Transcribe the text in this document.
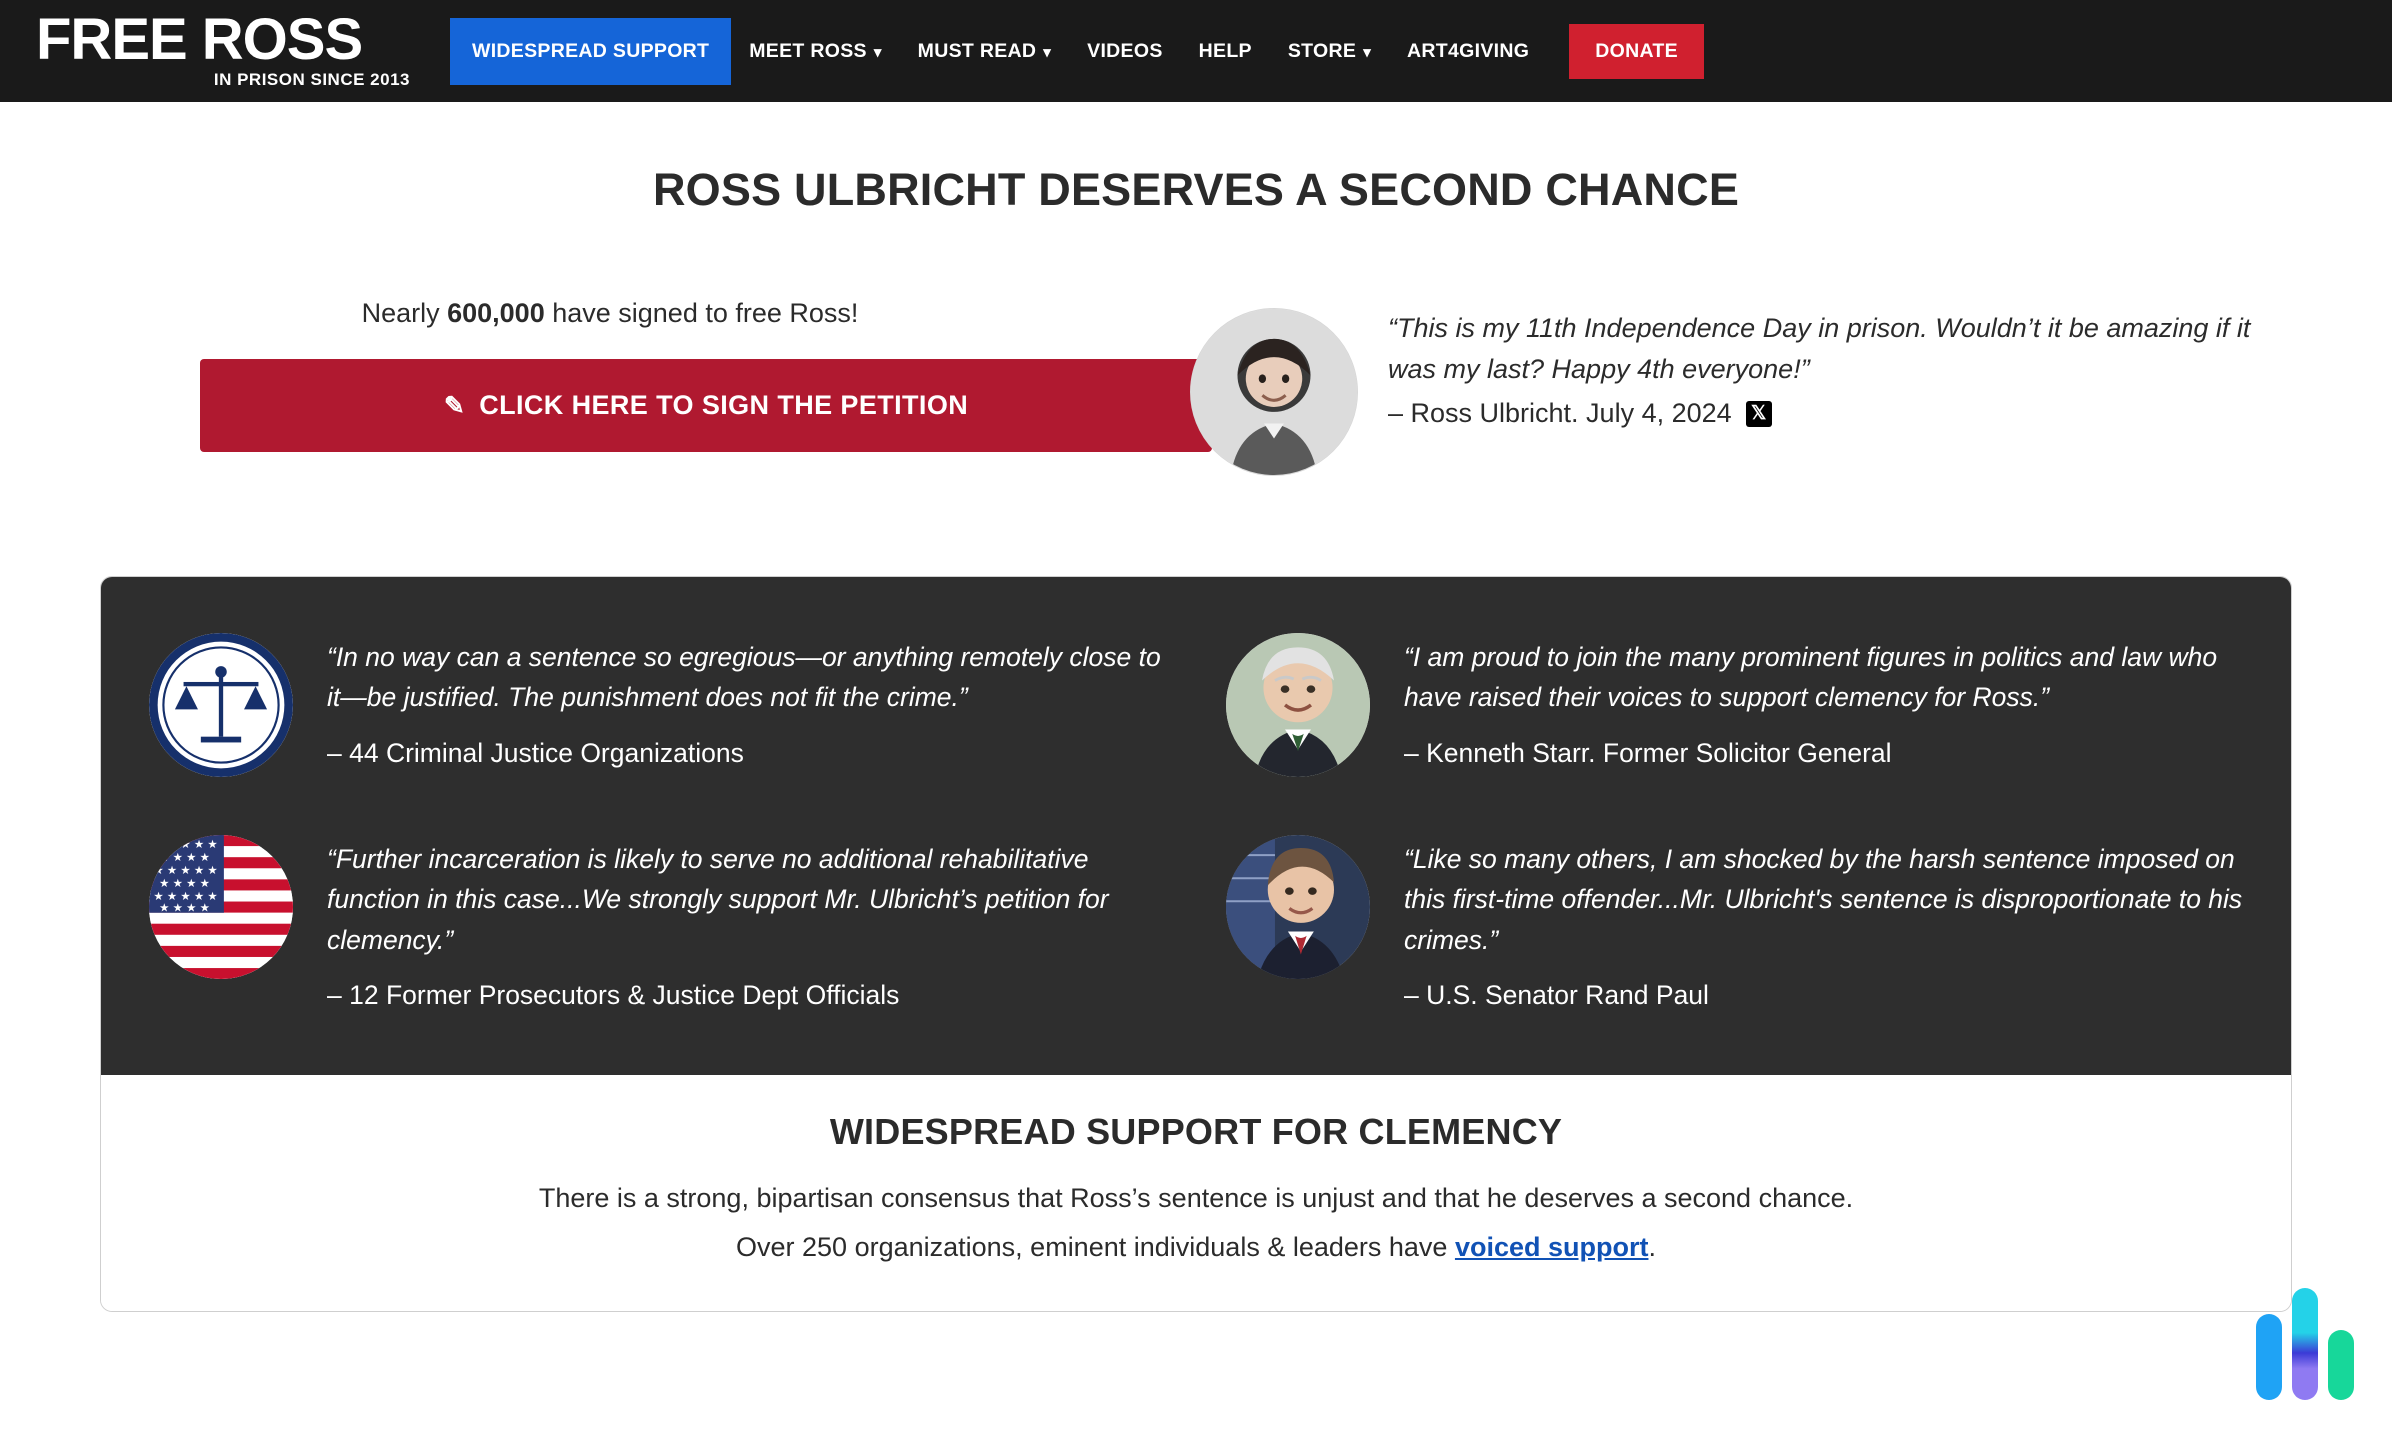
FREE ROSS
IN PRISON SINCE 2013
WIDESPREAD SUPPORT MEET ROSS ▾ MUST READ ▾ VIDEOS HELP STORE ▾ ART4GIVING	DONATE
ROSS ULBRICHT DESERVES A SECOND CHANCE
Nearly 600,000 have signed to free Ross!
✎ CLICK HERE TO SIGN THE PETITION
“This is my 11th Independence Day in prison. Wouldn’t it be amazing if it was my last? Happy 4th everyone!”
– Ross Ulbricht. July 4, 2024 𝕏
“In no way can a sentence so egregious—or anything remotely close to it—be justified. The punishment does not fit the crime.”
– 44 Criminal Justice Organizations
“I am proud to join the many prominent figures in politics and law who have raised their voices to support clemency for Ross.”
– Kenneth Starr. Former Solicitor General
★ ★ ★ ★ ★
★ ★ ★ ★
★ ★ ★ ★ ★
★ ★ ★ ★
★ ★ ★ ★ ★
★ ★ ★ ★
“Further incarceration is likely to serve no additional rehabilitative function in this case...We strongly support Mr. Ulbricht’s petition for clemency.”
– 12 Former Prosecutors & Justice Dept Officials
“Like so many others, I am shocked by the harsh sentence imposed on this first-time offender...Mr. Ulbricht's sentence is disproportionate to his crimes.”
– U.S. Senator Rand Paul
WIDESPREAD SUPPORT FOR CLEMENCY
There is a strong, bipartisan consensus that Ross’s sentence is unjust and that he deserves a second chance.
Over 250 organizations, eminent individuals & leaders have voiced support.
